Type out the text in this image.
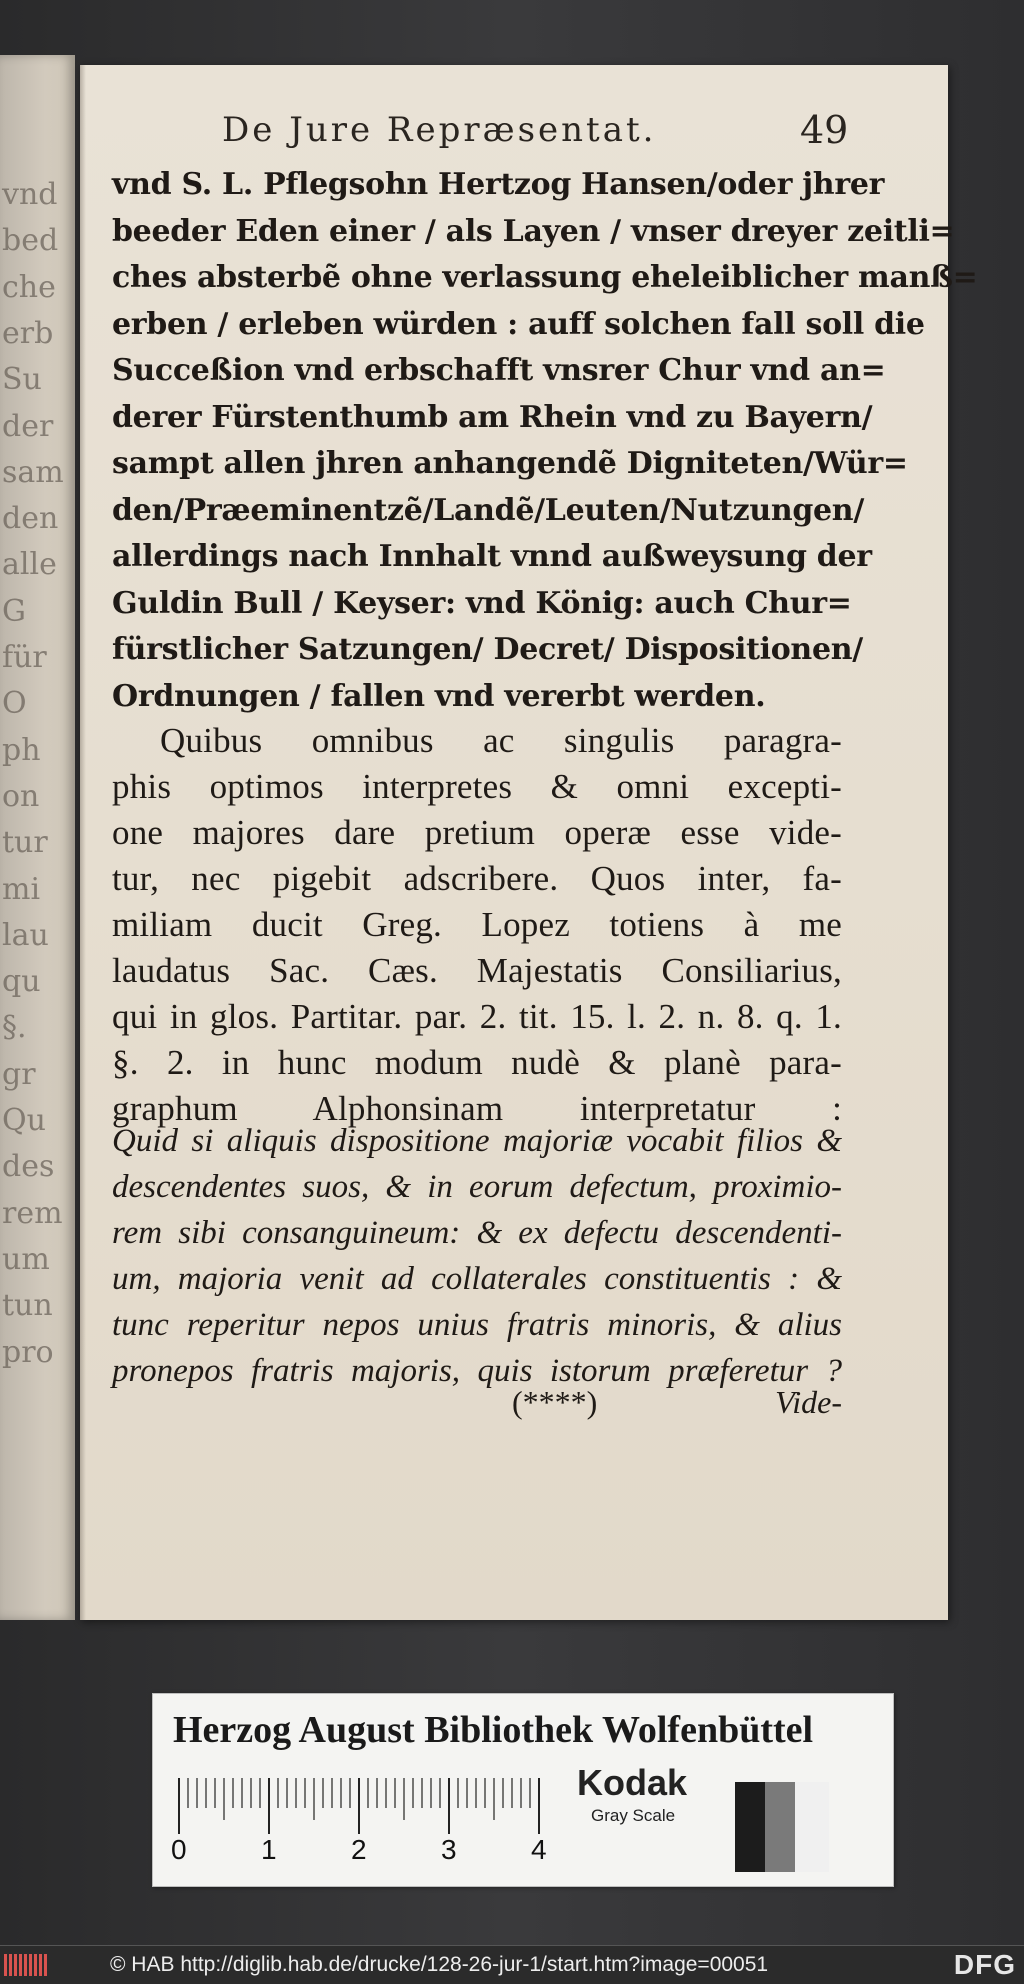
vnd
bed
che
erb
Su
der
sam
den
alle
G
für
O
ph
on
tur
mi
lau
qu
§.
gr
Qu
des
rem
um
tun
pro
De Jure Repræsentat.	49
vnd S. L. Pflegsohn Hertzog Hansen/oder jhrer
beeder Eden einer / als Layen / vnser dreyer zeitli=
ches absterbẽ ohne verlassung eheleiblicher manß=
erben / erleben würden : auff solchen fall soll die
Succeßion vnd erbschafft vnsrer Chur vnd an=
derer Fürstenthumb am Rhein vnd zu Bayern/
sampt allen jhren anhangendẽ Digniteten/Wür=
den/Præeminentzẽ/Landẽ/Leuten/Nutzungen/
allerdings nach Innhalt vnnd außweysung der
Guldin Bull / Keyser: vnd König: auch Chur=
fürstlicher Satzungen/ Decret/ Dispositionen/
Ordnungen / fallen vnd vererbt werden.
Quibus omnibus ac singulis paragra-
phis optimos interpretes & omni excepti-
one majores dare pretium operæ esse vide-
tur, nec pigebit adscribere. Quos inter, fa-
miliam ducit Greg. Lopez totiens à me
laudatus Sac. Cæs. Majestatis Consiliarius,
qui in glos. Partitar. par. 2. tit. 15. l. 2. n. 8. q. 1.
§. 2. in hunc modum nudè & planè para-
graphum Alphonsinam interpretatur :
Quid si aliquis dispositione majoriæ vocabit filios &
descendentes suos, & in eorum defectum, proximio-
rem sibi consanguineum: & ex defectu descendenti-
um, majoria venit ad collaterales constituentis : &
tunc reperitur nepos unius fratris minoris, & alius
pronepos fratris majoris, quis istorum præferetur ?
(****)	Vide-
Herzog August Bibliothek Wolfenbüttel
0	1	2	3	4
Kodak
Gray Scale
© HAB http://diglib.hab.de/drucke/128-26-jur-1/start.htm?image=00051	DFG
